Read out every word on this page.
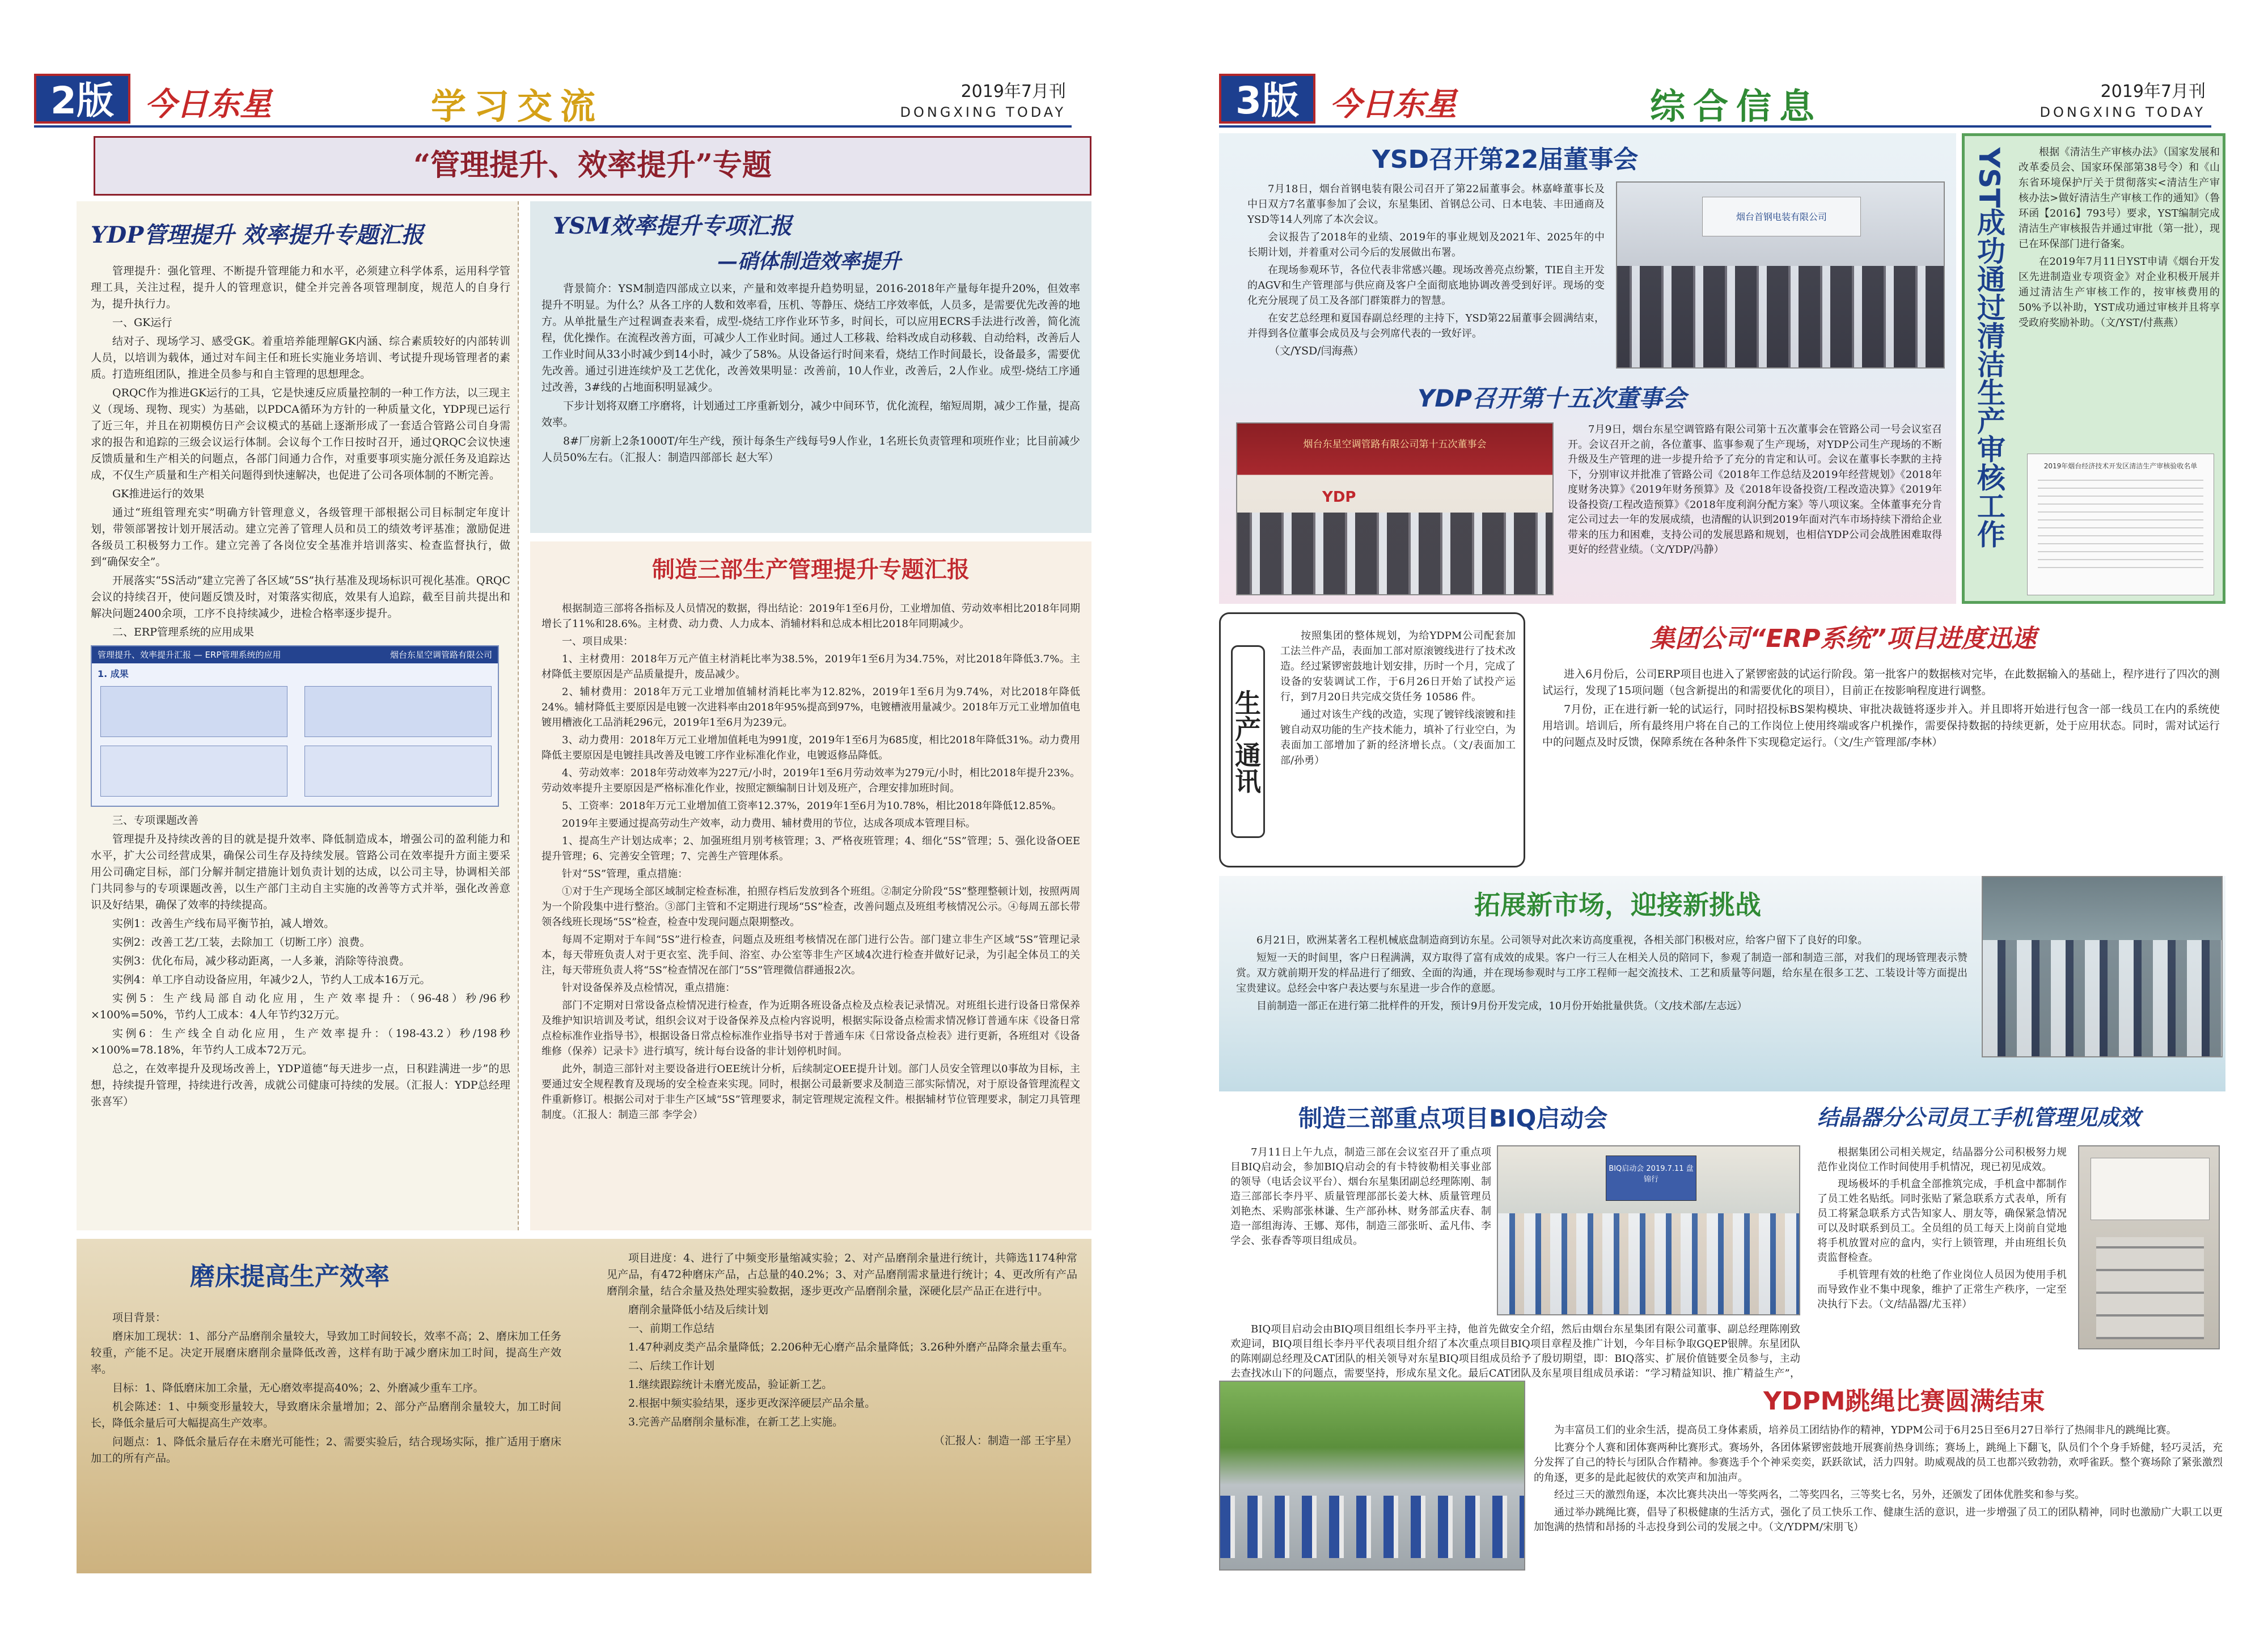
2版 今日东星	学习交流	2019年7月刊
DONGXING TODAY
“管理提升、效率提升”专题
YDP管理提升 效率提升专题汇报

管理提升：强化管理、不断提升管理能力和水平，必须建立科学体系，运用科学管理工具，关注过程，提升人的管理意识，健全并完善各项管理制度，规范人的自身行为，提升执行力。

一、GK运行

结对子、现场学习、感受GK。着重培养能理解GK内涵、综合素质较好的内部转训人员，以培训为载体，通过对车间主任和班长实施业务培训、考试提升现场管理者的素质。打造班组团队，推进全员参与和自主管理的思想理念。

QRQC作为推进GK运行的工具，它是快速反应质量控制的一种工作方法，以三现主义（现场、现物、现实）为基础，以PDCA循环为方针的一种质量文化，YDP现已运行了近三年，并且在初期模仿日产会议模式的基础上逐渐形成了一套适合管路公司自身需求的报告和追踪的三级会议运行体制。会议每个工作日按时召开，通过QRQC会议快速反馈质量和生产相关的问题点，各部门间通力合作，对重要事项实施分派任务及追踪达成，不仅生产质量和生产相关问题得到快速解决，也促进了公司各项体制的不断完善。

GK推进运行的效果

通过“班组管理充实”明确方针管理意义，各级管理干部根据公司目标制定年度计划，带领部署按计划开展活动。建立完善了管理人员和员工的绩效考评基准；激励促进各级员工积极努力工作。建立完善了各岗位安全基准并培训落实、检查监督执行，做到“确保安全”。

开展落实“5S活动”建立完善了各区域“5S”执行基准及现场标识可视化基准。QRQC会议的持续召开，使问题反馈及时，对策落实彻底，效果有人追踪，截至目前共提出和解决问题2400余项，工序不良持续减少，进检合格率逐步提升。

二、ERP管理系统的应用成果

管理提升、效率提升汇报 — ERP管理系统的应用	烟台东星空调管路有限公司
1. 成果

三、专项课题改善

管理提升及持续改善的目的就是提升效率、降低制造成本，增强公司的盈利能力和水平，扩大公司经营成果，确保公司生存及持续发展。管路公司在效率提升方面主要采用公司确定目标，部门分解并制定措施计划负责计划的达成，以公司主导，协调相关部门共同参与的专项课题改善，以生产部门主动自主实施的改善等方式并举，强化改善意识及好结果，确保了效率的持续提高。

实例1：改善生产线布局平衡节拍，减人增效。

实例2：改善工艺/工装，去除加工（切断工序）浪费。

实例3：优化布局，减少移动距离，一人多兼，消除等待浪费。

实例4：单工序自动设备应用，年减少2人，节约人工成本16万元。

实例5：生产线局部自动化应用，生产效率提升：（96-48）秒/96秒×100%=50%，节约人工成本：4人年节约32万元。

实例6：生产线全自动化应用，生产效率提升：（198-43.2）秒/198秒×100%=78.18%，年节约人工成本72万元。

总之，在效率提升及现场改善上，YDP道德“每天进步一点，日积跬满进一步”的思想，持续提升管理，持续进行改善，成就公司健康可持续的发展。（汇报人：YDP总经理 张喜军）

YSM效率提升专项汇报
—硝体制造效率提升

背景简介：YSM制造四部成立以来，产量和效率提升趋势明显，2016-2018年产量每年提升20%，但效率提升不明显。为什么？从各工序的人数和效率看，压机、等静压、烧结工序效率低，人员多，是需要优先改善的地方。从单批量生产过程调查表来看，成型-烧结工序作业环节多，时间长，可以应用ECRS手法进行改善，简化流程，优化操作。在流程改善方面，可减少人工作业时间。通过人工移栽、给料改成自动移载、自动给料，改善后人工作业时间从33小时减少到14小时，减少了58%。从设备运行时间来看，烧结工作时间最长，设备最多，需要优先改善。通过引进连续炉及工艺优化，改善效果明显：改善前，10人作业，改善后，2人作业。成型-烧结工序通过改善，3#线的占地面积明显减少。

下步计划将双磨工序磨将，计划通过工序重新划分，减少中间环节，优化流程，缩短周期，减少工作量，提高效率。

8#厂房新上2条1000T/年生产线，预计每条生产线每号9人作业，1名班长负责管理和项班作业；比目前减少人员50%左右。（汇报人：制造四部部长 赵大军）

制造三部生产管理提升专题汇报

根据制造三部将各指标及人员情况的数据，得出结论：2019年1至6月份，工业增加值、劳动效率相比2018年同期增长了11%和28.6%。主材费、动力费、人力成本、消辅材料和总成本相比2018年同期减少。

一、项目成果：

1、主材费用：2018年万元产值主材消耗比率为38.5%，2019年1至6月为34.75%，对比2018年降低3.7%。主材降低主要原因是产品质量提升，废品减少。

2、辅材费用：2018年万元工业增加值辅材消耗比率为12.82%，2019年1至6月为9.74%，对比2018年降低24%。辅材降低主要原因是电镀一次进料率由2018年95%提高到97%，电镀槽液用量减少。2018年万元工业增加值电镀用槽液化工品消耗296元，2019年1至6月为239元。

3、动力费用：2018年万元工业增加值耗电为991度，2019年1至6月为685度，相比2018年降低31%。动力费用降低主要原因是电镀挂具改善及电镀工序作业标准化作业，电镀返修品降低。

4、劳动效率：2018年劳动效率为227元/小时，2019年1至6月劳动效率为279元/小时，相比2018年提升23%。劳动效率提升主要原因是严格标准化作业，按照定额编制日计划及班产，合理安排加班时间。

5、工资率：2018年万元工业增加值工资率12.37%，2019年1至6月为10.78%，相比2018年降低12.85%。

2019年主要通过提高劳动生产效率，动力费用、辅材费用的节位，达成各项成本管理目标。

1、提高生产计划达成率；2、加强班组月别考核管理；3、严格夜班管理；4、细化“5S”管理；5、强化设备OEE提升管理；6、完善安全管理；7、完善生产管理体系。

针对“5S”管理，重点措施：

①对于生产现场全部区域制定检查标准，拍照存档后发放到各个班组。②制定分阶段“5S”整理整顿计划，按照两周为一个阶段集中进行整治。③部门主管和不定期进行现场“5S”检查，改善问题点及班组考核情况公示。④每周五部长带领各线班长现场“5S”检查，检查中发现问题点限期整改。

每周不定期对于车间“5S”进行检查，问题点及班组考核情况在部门进行公告。部门建立非生产区域“5S”管理记录本，每天带班负责人对于更衣室、洗手间、浴室、办公室等非生产区域4次进行检查并做好记录，为引起全体员工的关注，每天带班负责人将“5S”检查情况在部门“5S”管理微信群通报2次。

针对设备保养及点检情况，重点措施：

部门不定期对日常设备点检情况进行检查，作为近期各班设备点检及点检表记录情况。对班组长进行设备日常保养及维护知识培训及考试，组织会议对于设备保养及点检内容说明，根据实际设备点检需求情况修订普通车床《设备日常点检标准作业指导书》，根据设备日常点检标准作业指导书对于普通车床《日常设备点检表》进行更新，各班组对《设备维修（保养）记录卡》进行填写，统计每台设备的非计划停机时间。

此外，制造三部针对主要设备进行OEE统计分析，后续制定OEE提升计划。部门人员安全管理以0事故为目标，主要通过安全规程教育及现场的安全检查来实现。同时，根据公司最新要求及制造三部实际情况，对于原设备管理流程文件重新修订。根据公司对于非生产区域“5S”管理要求，制定管理规定流程文件。根据辅材节位管理要求，制定刀具管理制度。（汇报人：制造三部 李学会）

磨床提高生产效率

项目背景：

磨床加工现状：1、部分产品磨削余量较大，导致加工时间较长，效率不高；2、磨床加工任务较重，产能不足。决定开展磨床磨削余量降低改善，这样有助于减少磨床加工时间，提高生产效率。

目标：1、降低磨床加工余量，无心磨效率提高40%；2、外磨减少重车工序。

机会陈述：1、中频变形量较大，导致磨床余量增加；2、部分产品磨削余量较大，加工时间长，降低余量后可大幅提高生产效率。

问题点：1、降低余量后存在未磨光可能性；2、需要实验后，结合现场实际，推广适用于磨床加工的所有产品。

项目进度：4、进行了中频变形量缩减实验；2、对产品磨削余量进行统计，共筛选1174种常见产品，有472种磨床产品，占总量的40.2%；3、对产品磨削需求量进行统计；4、更改所有产品磨削余量，结合余量及热处理实验数据，逐步更改产品磨削余量，深硬化层产品正在进行中。

磨削余量降低小结及后续计划

一、前期工作总结

1.47种剥皮类产品余量降低；2.206种无心磨产品余量降低；3.26种外磨产品降余量去重车。

二、后续工作计划

1.继续跟踪统计未磨光废品，验证新工艺。

2.根据中频实验结果，逐步更改深淬硬层产品余量。

3.完善产品磨削余量标准，在新工艺上实施。

（汇报人：制造一部 王宇星）

3版 今日东星	综合信息	2019年7月刊
DONGXING TODAY
YSD召开第22届董事会

7月18日，烟台首钢电装有限公司召开了第22届董事会。林嘉峰董事长及中日双方7名董事参加了会议，东星集团、首钢总公司、日本电装、丰田通商及YSD等14人列席了本次会议。

会议报告了2018年的业绩、2019年的事业规划及2021年、2025年的中长期计划，并着重对公司今后的发展做出布署。

在现场参观环节，各位代表非常感兴趣。现场改善亮点纷繁，TIE自主开发的AGV和生产管理部与供应商及客户全面彻底地协调改善受到好评。现场的变化充分展现了员工及各部门群策群力的智慧。

在安艺总经理和夏国春副总经理的主持下，YSD第22届董事会圆满结束，并得到各位董事会成员及与会列席代表的一致好评。

（文/YSD/闫海燕）

烟台首钢电装有限公司
YDP召开第十五次董事会
烟台东星空调管路有限公司第十五次董事会
YDP

7月9日，烟台东星空调管路有限公司第十五次董事会在管路公司一号会议室召开。会议召开之前，各位董事、监事参观了生产现场，对YDP公司生产现场的不断升级及生产管理的进一步提升给予了充分的肯定和认可。会议在董事长李默的主持下，分别审议并批准了管路公司《2018年工作总结及2019年经营规划》《2018年度财务决算》《2019年财务预算》及《2018年设备投资/工程改造决算》《2019年设备投资/工程改造预算》《2018年度利润分配方案》等八项议案。全体董事充分肯定公司过去一年的发展成绩，也清醒的认识到2019年面对汽车市场持续下滑给企业带来的压力和困难，支持公司的发展思路和规划，也相信YDP公司会战胜困难取得更好的经营业绩。（文/YDP/冯静）

YST成功通过清洁生产审核工作	根据《清洁生产审核办法》（国家发展和改革委员会、国家环保部第38号令）和《山东省环境保护厅关于贯彻落实<清洁生产审核办法>做好清洁生产审核工作的通知》（鲁环函【2016】793号）要求，YST编制完成清洁生产审核报告并通过审批（第一批），现已在环保部门进行备案。

在2019年7月11日YST申请《烟台开发区先进制造业专项资金》对企业积极开展并通过清洁生产审核工作的，按审核费用的50%予以补助，YST成功通过审核并且将享受政府奖励补助。（文/YST/付燕燕）

2019年烟台经济技术开发区清洁生产审核验收名单
生产通讯

按照集团的整体规划，为给YDPM公司配套加工法兰件产品，表面加工部对原滚镀线进行了技术改造。经过紧锣密鼓地计划安排，历时一个月，完成了设备的安装调试工作，于6月26日开始了试投产运行，到7月20日共完成交货任务 10586 件。

通过对该生产线的改造，实现了镀锌线滚镀和挂镀自动双功能的生产技术能力，填补了行业空白，为表面加工部增加了新的经济增长点。（文/表面加工部/孙勇）

集团公司“ERP系统”项目进度迅速

进入6月份后，公司ERP项目也进入了紧锣密鼓的试运行阶段。第一批客户的数据核对完毕，在此数据输入的基础上，程序进行了四次的测试运行，发现了15项问题（包含新提出的和需要优化的项目），目前正在按影响程度进行调整。

7月份，正在进行新一轮的试运行，同时招投标BS架构模块、审批决裁链将逐步并入。并且即将开始进行包含一部一线员工在内的系统使用培训。培训后，所有最终用户将在自己的工作岗位上使用终端或客户机操作，需要保持数据的持续更新，处于应用状态。同时，需对试运行中的问题点及时反馈，保障系统在各种条件下实现稳定运行。（文/生产管理部/李林）

拓展新市场，迎接新挑战

6月21日，欧洲某著名工程机械底盘制造商到访东星。公司领导对此次来访高度重视，各相关部门积极对应，给客户留下了良好的印象。

短短一天的时间里，客户日程满满，双方取得了富有成效的成果。客户一行三人在相关人员的陪同下，参观了制造一部和制造三部，对我们的现场管理表示赞赏。双方就前期开发的样品进行了细致、全面的沟通，并在现场参观时与工序工程师一起交流技术、工艺和质量等问题，给东星在很多工艺、工装设计等方面提出宝贵建议。总经会中客户表达要与东星进一步合作的意愿。

目前制造一部正在进行第二批样件的开发，预计9月份开发完成，10月份开始批量供货。（文/技术部/左志远）

制造三部重点项目BIQ启动会

7月11日上午九点，制造三部在会议室召开了重点项目BIQ启动会，参加BIQ启动会的有卡特彼勒相关事业部的领导（电话会议平台）、烟台东星集团副总经理陈刚、制造三部部长李丹平、质量管理部部长姜大林、质量管理员刘艳杰、采购部张林谦、生产部孙林、财务部孟庆春、制造一部组海涛、王娜、郑伟，制造三部张昕、孟凡伟、李学会、张春香等项目组成员。

BIQ启动会 2019.7.11 盘锦行

BIQ项目启动会由BIQ项目组组长李丹平主持，他首先做安全介绍，然后由烟台东星集团有限公司董事、副总经理陈刚致欢迎词，BIQ项目组长李丹平代表项目组介绍了本次重点项目BIQ项目章程及推广计划，今年目标争取GQEP银牌。东星团队的陈刚副总经理及CAT团队的相关领导对东星BIQ项目组成员给予了殷切期望，即：BIQ落实、扩展价值链要全员参与，主动去查找冰山下的问题点，需要坚持，形成东星文化。最后CAT团队及东星项目组成员承诺：“学习精益知识、推广精益生产”，

结晶器分公司员工手机管理见成效

根据集团公司相关规定，结晶器分公司积极努力规范作业岗位工作时间使用手机情况，现已初见成效。

现场极坏的手机盒全部推筑完成，手机盒中都制作了员工姓名贴纸。同时张贴了紧急联系方式表单，所有员工将紧急联系方式告知家人、朋友等，确保紧急情况可以及时联系到员工。全员组的员工每天上岗前自觉地将手机放置对应的盒内，实行上锁管理，并由班组长负责监督检查。

手机管理有效的杜绝了作业岗位人员因为使用手机而导致作业不集中现象，维护了正常生产秩序，一定至决执行下去。（文/结晶器/尤玉祥）

YDPM跳绳比赛圆满结束

为丰富员工们的业余生活，提高员工身体素质，培养员工团结协作的精神，YDPM公司于6月25日至6月27日举行了热闹非凡的跳绳比赛。

比赛分个人赛和团体赛两种比赛形式。赛场外，各团体紧锣密鼓地开展赛前热身训练；赛场上，跳绳上下翻飞，队员们个个身手矫健，轻巧灵活，充分发挥了自己的特长与团队合作精神。参赛选手个个神采奕奕，跃跃欲试，活力四射。助威观战的员工也都兴致勃勃，欢呼雀跃。整个赛场除了紧张激烈的角逐，更多的是此起彼伏的欢笑声和加油声。

经过三天的激烈角逐，本次比赛共决出一等奖两名，二等奖四名，三等奖七名，另外，还颁发了团体优胜奖和参与奖。

通过举办跳绳比赛，倡导了积极健康的生活方式，强化了员工快乐工作、健康生活的意识，进一步增强了员工的团队精神，同时也激励广大职工以更加饱满的热情和昂扬的斗志投身到公司的发展之中。（文/YDPM/宋朋飞）
